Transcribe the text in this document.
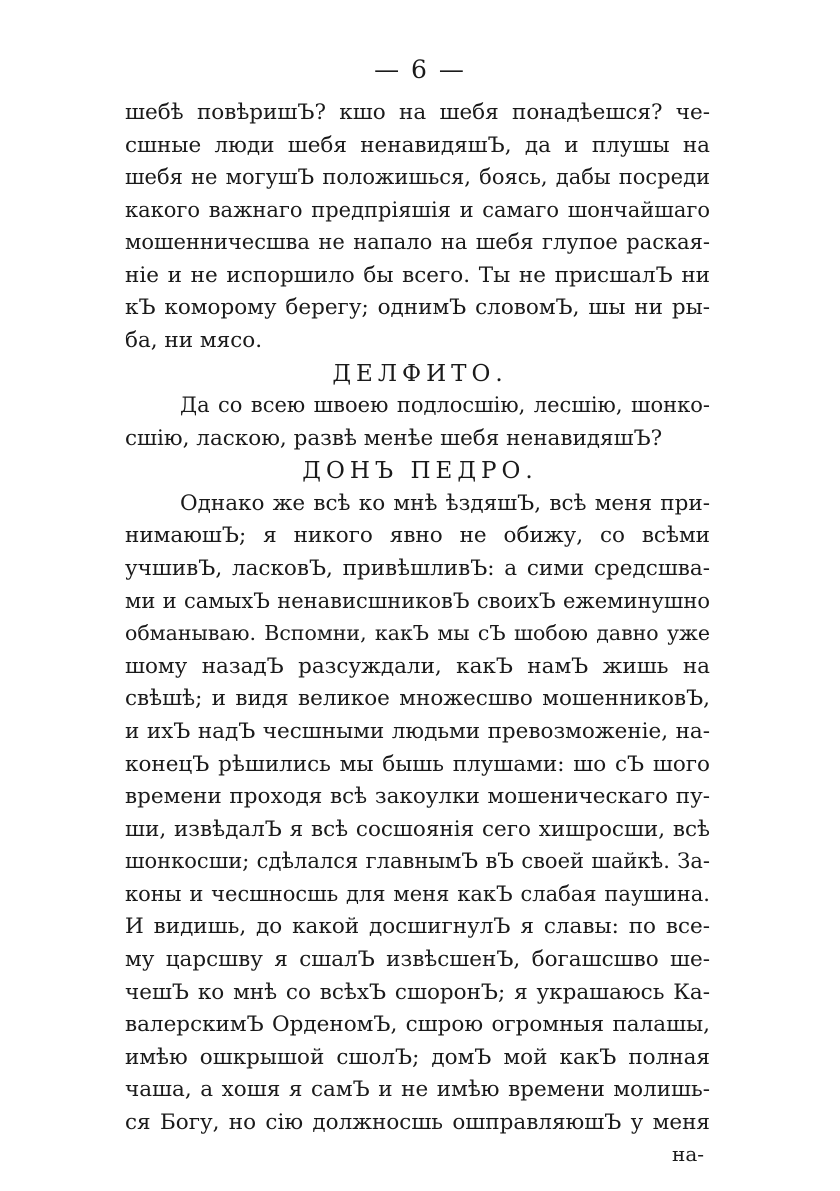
— 6 —
шебѣ повѣришЪ? кшо на шебя понадѣешся? че-
сшные люди шебя ненавидяшЪ, да и плушы на
шебя не могушЪ положишься, боясь, дабы посреди
какого важнаго предпріяшія и самаго шончайшаго
мошенничесшва не напало на шебя глупое раская-
ніе и не испоршило бы всего. Ты не присшалЪ ни
кЪ коморому берегу; однимЪ словомЪ, шы ни ры-
ба, ни мясо.
ДЕЛФИТО.
Да со всею швоею подлосшію, лесшію, шонко-
сшію, ласкою, развѣ менѣе шебя ненавидяшЪ?
ДОНЪ ПЕДРО.
Однако же всѣ ко мнѣ ѣздяшЪ, всѣ меня при-
нимаюшЪ; я никого явно не обижу, со всѣми
учшивЪ, ласковЪ, привѣшливЪ: а сими средсшва-
ми и самыхЪ ненависшниковЪ своихЪ ежеминушно
обманываю. Вспомни, какЪ мы сЪ шобою давно уже
шому назадЪ разсуждали, какЪ намЪ жишь на
свѣшѣ; и видя великое множесшво мошенниковЪ,
и ихЪ надЪ чесшными людьми превозможеніе, на-
конецЪ рѣшились мы бышь плушами: шо сЪ шого
времени проходя всѣ закоулки мошеническаго пу-
ши, извѣдалЪ я всѣ сосшоянія сего хишросши, всѣ
шонкосши; сдѣлался главнымЪ вЪ своей шайкѣ. За-
коны и чесшносшь для меня какЪ слабая паушина.
И видишь, до какой досшигнулЪ я славы: по все-
му царсшву я сшалЪ извѣсшенЪ, богашсшво ше-
чешЪ ко мнѣ со всѣхЪ сшоронЪ; я украшаюсь Ка-
валерскимЪ ОрденомЪ, сшрою огромныя палашы,
имѣю ошкрышой сшолЪ; домЪ мой какЪ полная
чаша, а хошя я самЪ и не имѣю времени молишь-
ся Богу, но сію должносшь ошправляюшЪ у меня
на-
